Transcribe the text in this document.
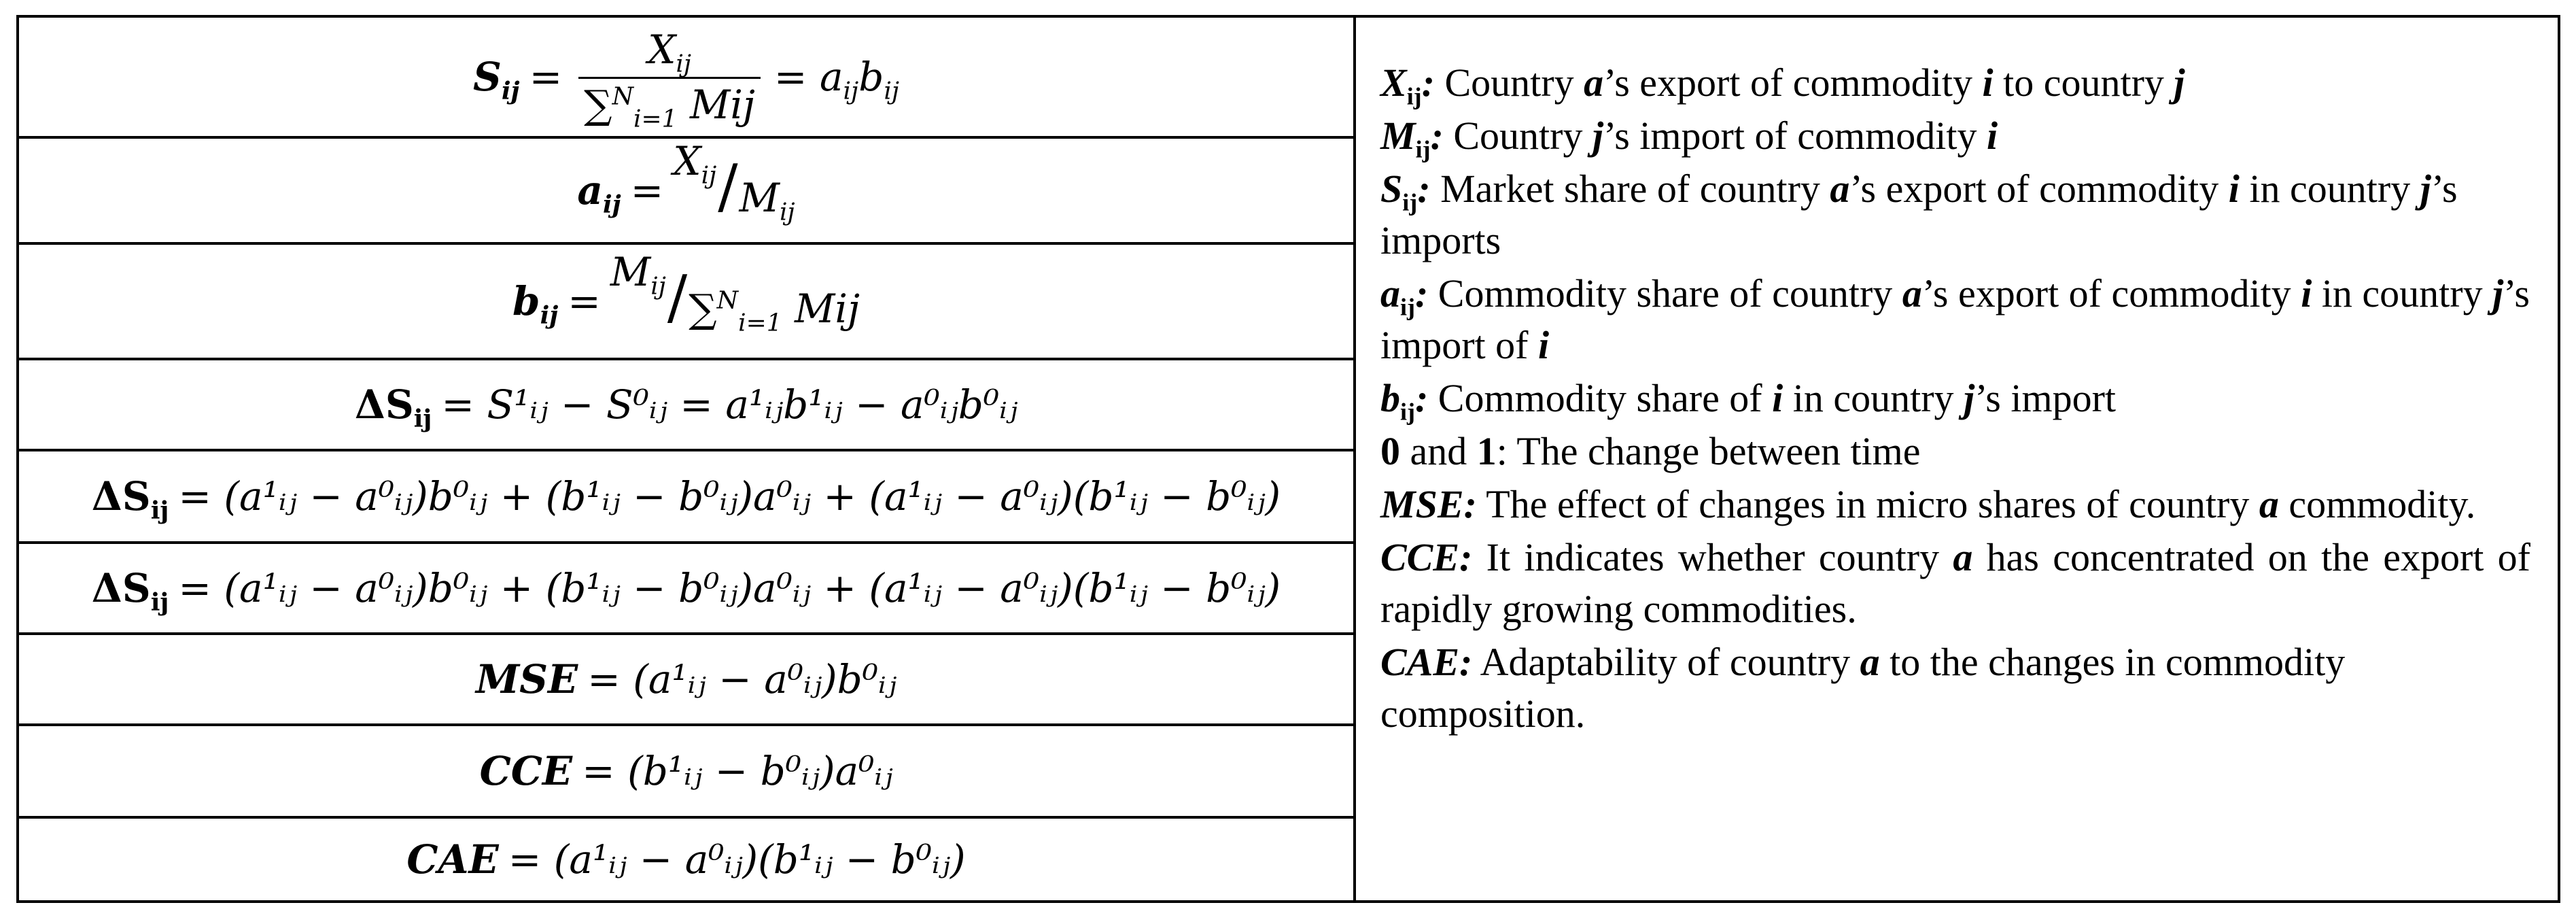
$S_{ij} = \frac{X_{ij}}{\sum^N_{i=1} Mij} = a_{ij}b_{ij}$
$a_{ij}$ =
$X_{ij} / M_{ij}$
$b_{ij}$ =
$M_{ij} / \sum^N_{i=1}$ Mij
$\Delta S_{ij}$ = S¹ᵢⱼ − S⁰ᵢⱼ = a¹ᵢⱼb¹ᵢⱼ − a⁰ᵢⱼb⁰ᵢⱼ
$\Delta S_{ij}$ = (a¹ᵢⱼ − a⁰ᵢⱼ)b⁰ᵢⱼ + (b¹ᵢⱼ − b⁰ᵢⱼ)a⁰ᵢⱼ + (a¹ᵢⱼ − a⁰ᵢⱼ)(b¹ᵢⱼ − b⁰ᵢⱼ)
$\Delta S_{ij}$ = (a¹ᵢⱼ − a⁰ᵢⱼ)b⁰ᵢⱼ + (b¹ᵢⱼ − b⁰ᵢⱼ)a⁰ᵢⱼ + (a¹ᵢⱼ − a⁰ᵢⱼ)(b¹ᵢⱼ − b⁰ᵢⱼ)
MSE = (a¹ᵢⱼ − a⁰ᵢⱼ)b⁰ᵢⱼ
CCE = (b¹ᵢⱼ − b⁰ᵢⱼ)a⁰ᵢⱼ
CAE = (a¹ᵢⱼ − a⁰ᵢⱼ)(b¹ᵢⱼ − b⁰ᵢⱼ)
$X_{ij}$: Country a’s export of commodity i to country j
$M_{ij}$: Country j’s import of commodity i
$S_{ij}$: Market share of country a’s export of commodity i in country j’s imports
$a_{ij}$: Commodity share of country a’s export of commodity i in country j’s import of i
$b_{ij}$: Commodity share of i in country j’s import
0 and 1: The change between time
MSE: The effect of changes in micro shares of country a commodity.
CCE: It indicates whether country a has concentrated on the export of rapidly growing commodities.
CAE: Adaptability of country a to the changes in commodity composition.
